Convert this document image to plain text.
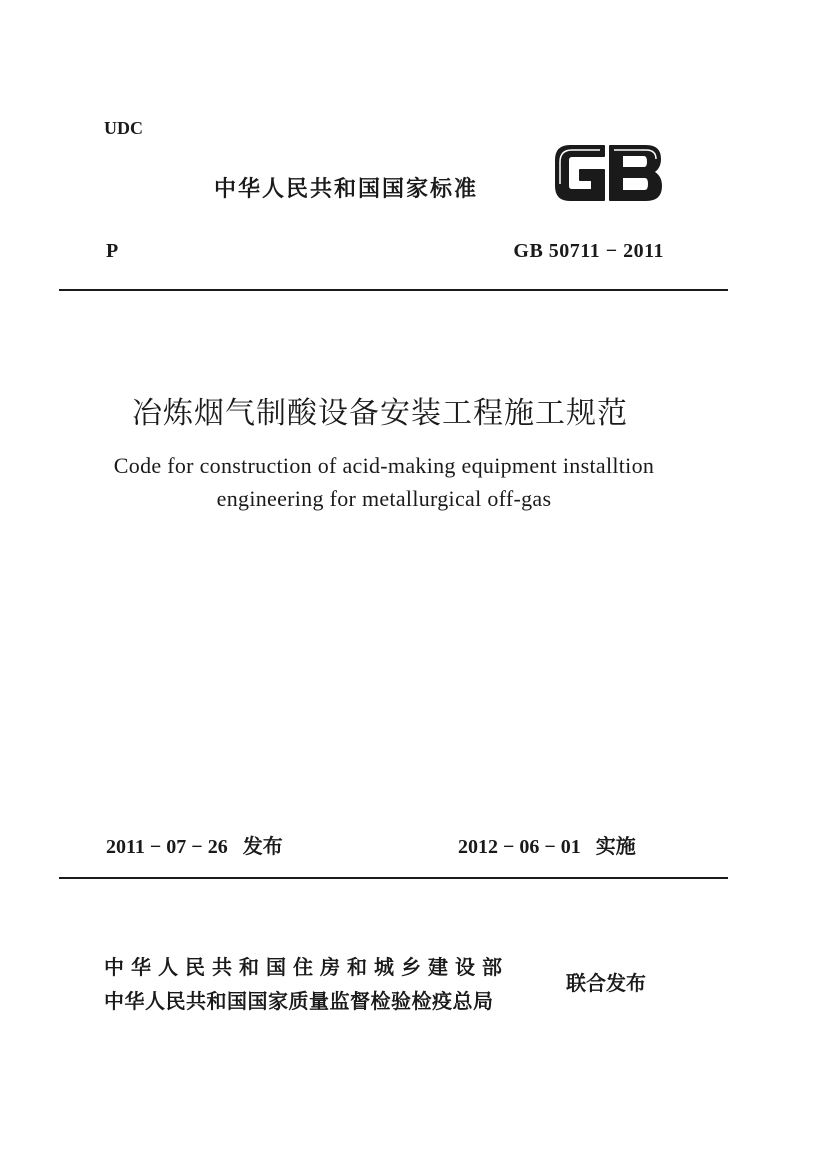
UDC
中华人民共和国国家标准
P	GB 50711 − 2011
冶炼烟气制酸设备安装工程施工规范
Code for construction of acid-making equipment installtion
engineering for metallurgical off-gas
2011 − 07 − 26 发布	2012 − 06 − 01 实施
中华人民共和国住房和城乡建设部
中华人民共和国国家质量监督检验检疫总局
联合发布
